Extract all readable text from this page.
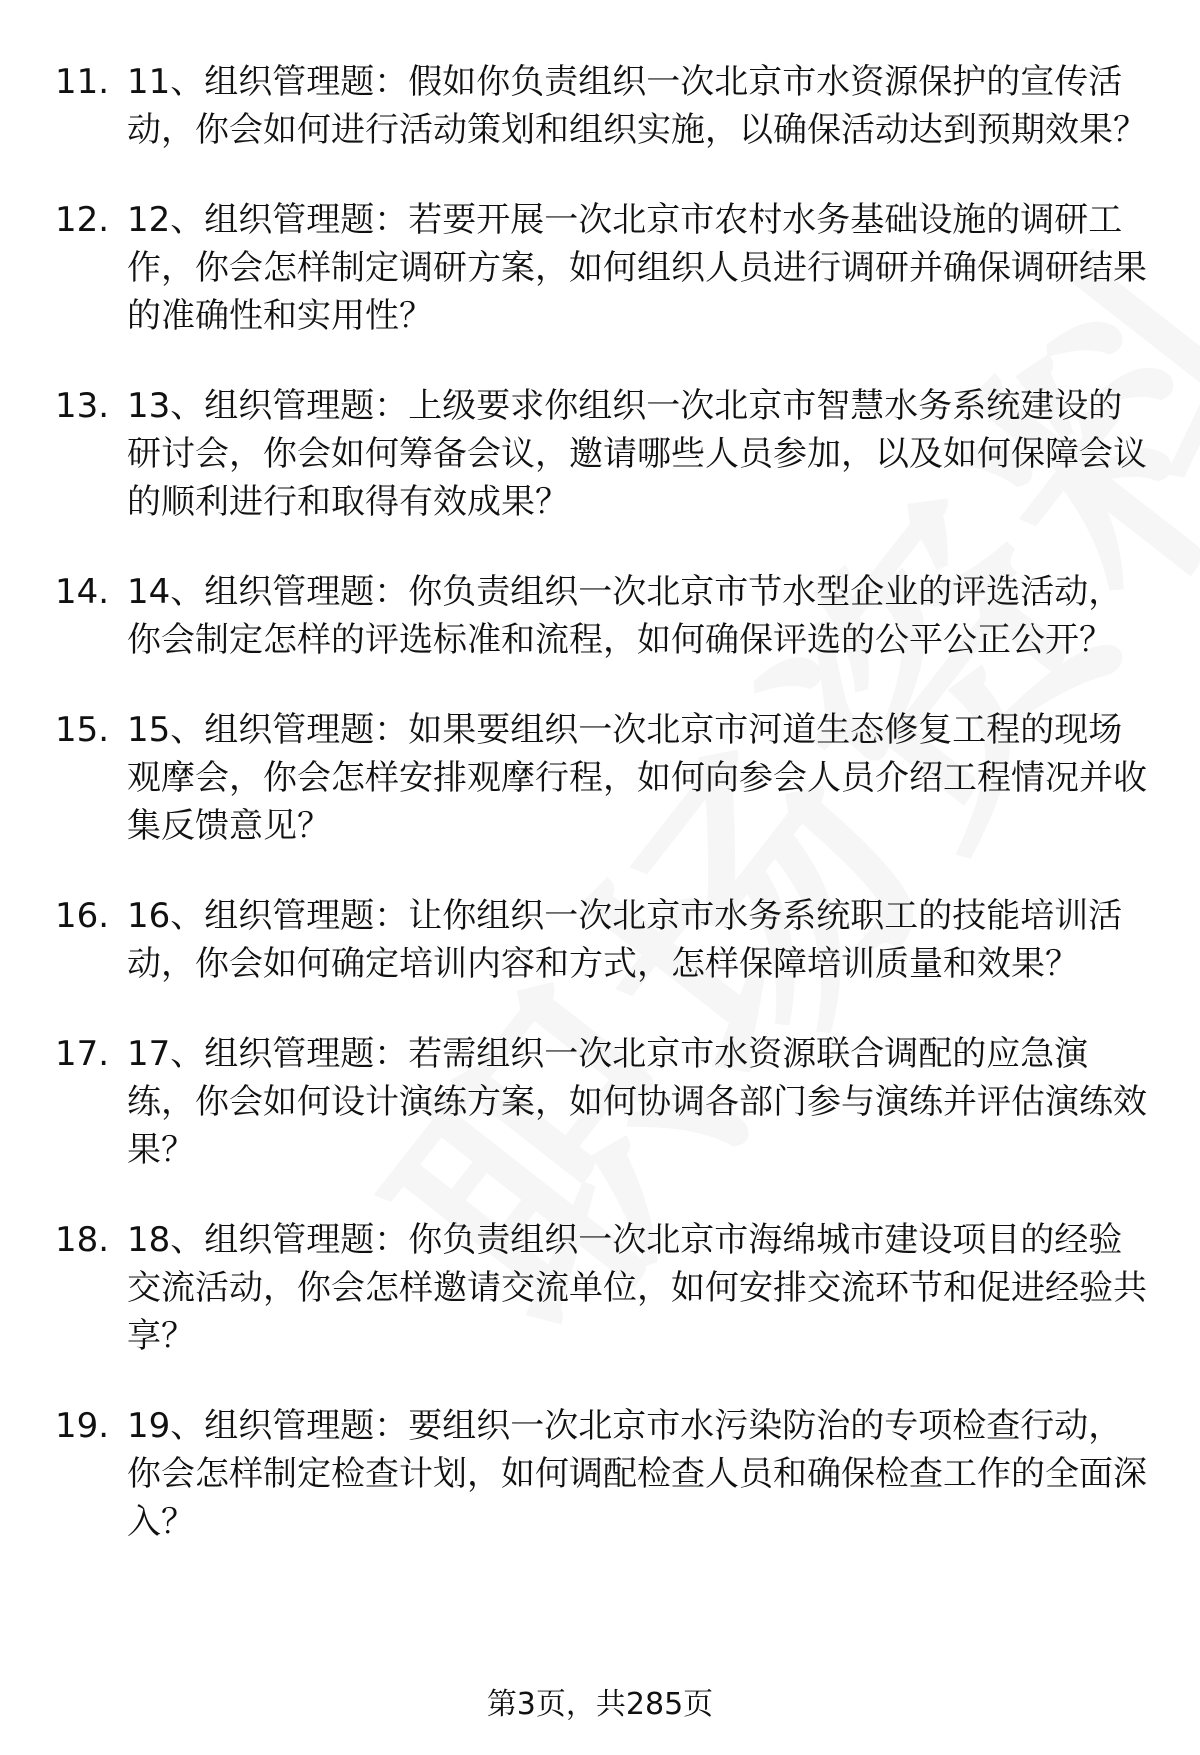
11. 11、组织管理题：假如你负责组织一次北京市水资源保护的宣传活动，你会如何进行活动策划和组织实施，以确保活动达到预期效果？
12. 12、组织管理题：若要开展一次北京市农村水务基础设施的调研工作，你会怎样制定调研方案，如何组织人员进行调研并确保调研结果的准确性和实用性？
13. 13、组织管理题：上级要求你组织一次北京市智慧水务系统建设的研讨会，你会如何筹备会议，邀请哪些人员参加，以及如何保障会议的顺利进行和取得有效成果？
14. 14、组织管理题：你负责组织一次北京市节水型企业的评选活动，你会制定怎样的评选标准和流程，如何确保评选的公平公正公开？
15. 15、组织管理题：如果要组织一次北京市河道生态修复工程的现场观摩会，你会怎样安排观摩行程，如何向参会人员介绍工程情况并收集反馈意见？
16. 16、组织管理题：让你组织一次北京市水务系统职工的技能培训活动，你会如何确定培训内容和方式，怎样保障培训质量和效果？
17. 17、组织管理题：若需组织一次北京市水资源联合调配的应急演练，你会如何设计演练方案，如何协调各部门参与演练并评估演练效果？
18. 18、组织管理题：你负责组织一次北京市海绵城市建设项目的经验交流活动，你会怎样邀请交流单位，如何安排交流环节和促进经验共享？
19. 19、组织管理题：要组织一次北京市水污染防治的专项检查行动，你会怎样制定检查计划，如何调配检查人员和确保检查工作的全面深入？
第3页，共285页
